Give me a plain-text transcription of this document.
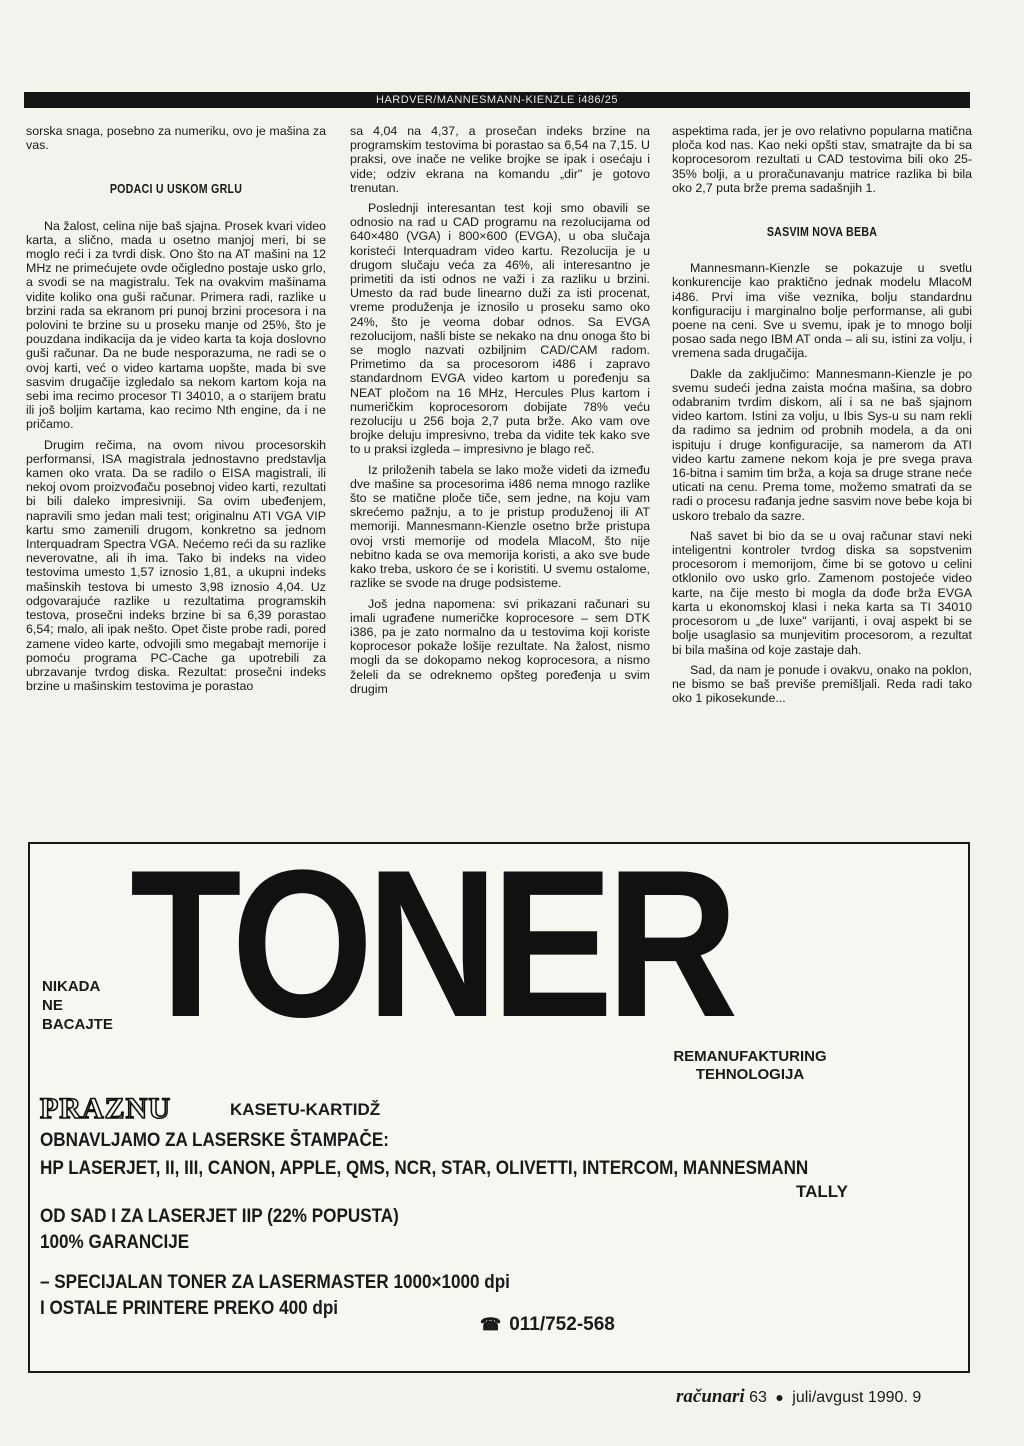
HARDVER/MANNESMANN-KIENZLE i486/25

sorska snaga, posebno za numeriku, ovo je mašina za vas.

PODACI U USKOM GRLU

Na žalost, celina nije baš sjajna. Prosek kvari video karta, a slično, mada u osetno manjoj meri, bi se moglo reći i za tvrdi disk. Ono što na AT mašini na 12 MHz ne primećujete ovde očigledno postaje usko grlo, a svodi se na magistralu. Tek na ovakvim mašinama vidite koliko ona guši računar. Primera radi, razlike u brzini rada sa ekranom pri punoj brzini procesora i na polovini te brzine su u proseku manje od 25%, što je pouzdana indikacija da je video karta ta koja doslovno guši računar. Da ne bude nesporazuma, ne radi se o ovoj karti, već o video kartama uopšte, mada bi sve sasvim drugačije izgledalo sa nekom kartom koja na sebi ima recimo procesor TI 34010, a o starijem bratu ili još boljim kartama, kao recimo Nth engine, da i ne pričamo.

Drugim rečima, na ovom nivou procesorskih performansi, ISA magistrala jednostavno predstavlja kamen oko vrata. Da se radilo o EISA magistrali, ili nekoj ovom proizvođaču posebnoj video karti, rezultati bi bili daleko impresivniji. Sa ovim ubeđenjem, napravili smo jedan mali test; originalnu ATI VGA VIP kartu smo zamenili drugom, konkretno sa jednom Interquadram Spectra VGA. Nećemo reći da su razlike neverovatne, ali ih ima. Tako bi indeks na video testovima umesto 1,57 iznosio 1,81, a ukupni indeks mašinskih testova bi umesto 3,98 iznosio 4,04. Uz odgovarajuće razlike u rezultatima programskih testova, prosečni indeks brzine bi sa 6,39 porastao 6,54; malo, ali ipak nešto. Opet čiste probe radi, pored zamene video karte, odvojili smo megabajt memorije i pomoću programa PC-Cache ga upotrebili za ubrzavanje tvrdog diska. Rezultat: prosečni indeks brzine u mašinskim testovima je porastao

sa 4,04 na 4,37, a prosečan indeks brzine na programskim testovima bi porastao sa 6,54 na 7,15. U praksi, ove inače ne velike brojke se ipak i osećaju i vide; odziv ekrana na komandu „dir" je gotovo trenutan.

Poslednji interesantan test koji smo obavili se odnosio na rad u CAD programu na rezolucijama od 640×480 (VGA) i 800×600 (EVGA), u oba slučaja koristeći Interquadram video kartu. Rezolucija je u drugom slučaju veća za 46%, ali interesantno je primetiti da isti odnos ne važi i za razliku u brzini. Umesto da rad bude linearno duži za isti procenat, vreme produženja je iznosilo u proseku samo oko 24%, što je veoma dobar odnos. Sa EVGA rezolucijom, našli biste se nekako na dnu onoga što bi se moglo nazvati ozbiljnim CAD/CAM radom. Primetimo da sa procesorom i486 i zapravo standardnom EVGA video kartom u poređenju sa NEAT pločom na 16 MHz, Hercules Plus kartom i numeričkim koprocesorom dobijate 78% veću rezoluciju u 256 boja 2,7 puta brže. Ako vam ove brojke deluju impresivno, treba da vidite tek kako sve to u praksi izgleda – impresivno je blago reč.

Iz priloženih tabela se lako može videti da između dve mašine sa procesorima i486 nema mnogo razlike što se matične ploče tiče, sem jedne, na koju vam skrećemo pažnju, a to je pristup produženoj ili AT memoriji. Mannesmann-Kienzle osetno brže pristupa ovoj vrsti memorije od modela MlacoM, što nije nebitno kada se ova memorija koristi, a ako sve bude kako treba, uskoro će se i koristiti. U svemu ostalome, razlike se svode na druge podsisteme.

Još jedna napomena: svi prikazani računari su imali ugrađene numeričke koprocesore – sem DTK i386, pa je zato normalno da u testovima koji koriste koprocesor pokaže lošije rezultate. Na žalost, nismo mogli da se dokopamo nekog koprocesora, a nismo želeli da se odreknemo opšteg poređenja u svim drugim

aspektima rada, jer je ovo relativno popularna matična ploča kod nas. Kao neki opšti stav, smatrajte da bi sa koprocesorom rezultati u CAD testovima bili oko 25-35% bolji, a u proračunavanju matrice razlika bi bila oko 2,7 puta brže prema sadašnjih 1.

SASVIM NOVA BEBA

Mannesmann-Kienzle se pokazuje u svetlu konkurencije kao praktično jednak modelu MlacoM i486. Prvi ima više veznika, bolju standardnu konfiguraciju i marginalno bolje performanse, ali gubi poene na ceni. Sve u svemu, ipak je to mnogo bolji posao sada nego IBM AT onda – ali su, istini za volju, i vremena sada drugačija.

Dakle da zaključimo: Mannesmann-Kienzle je po svemu sudeći jedna zaista moćna mašina, sa dobro odabranim tvrdim diskom, ali i sa ne baš sjajnom video kartom. Istini za volju, u Ibis Sys-u su nam rekli da radimo sa jednim od probnih modela, a da oni ispituju i druge konfiguracije, sa namerom da ATI video kartu zamene nekom koja je pre svega prava 16-bitna i samim tim brža, a koja sa druge strane neće uticati na cenu. Prema tome, možemo smatrati da se radi o procesu rađanja jedne sasvim nove bebe koja bi uskoro trebalo da sazre.

Naš savet bi bio da se u ovaj računar stavi neki inteligentni kontroler tvrdog diska sa sopstvenim procesorom i memorijom, čime bi se gotovo u celini otklonilo ovo usko grlo. Zamenom postojeće video karte, na čije mesto bi mogla da dođe brža EVGA karta u ekonomskoj klasi i neka karta sa TI 34010 procesorom u „de luxe" varijanti, i ovaj aspekt bi se bolje usaglasio sa munjevitim procesorom, a rezultat bi bila mašina od koje zastaje dah.

Sad, da nam je ponude i ovakvu, onako na poklon, ne bismo se baš previše premišljali. Reda radi tako oko 1 pikosekunde...

TONER
NIKADA
NE
BACAJTE
REMANUFAKTURING
TEHNOLOGIJA
PRAZNU	KASETU-KARTIDŽ
OBNAVLJAMO ZA LASERSKE ŠTAMPAČE:
HP LASERJET, II, III, CANON, APPLE, QMS, NCR, STAR, OLIVETTI, INTERCOM, MANNESMANN
TALLY
OD SAD I ZA LASERJET IIP (22% POPUSTA)
100% GARANCIJE
– SPECIJALAN TONER ZA LASERMASTER 1000×1000 dpi
I OSTALE PRINTERE PREKO 400 dpi
☎ 011/752-568
računari 63 ● juli/avgust 1990. 9
